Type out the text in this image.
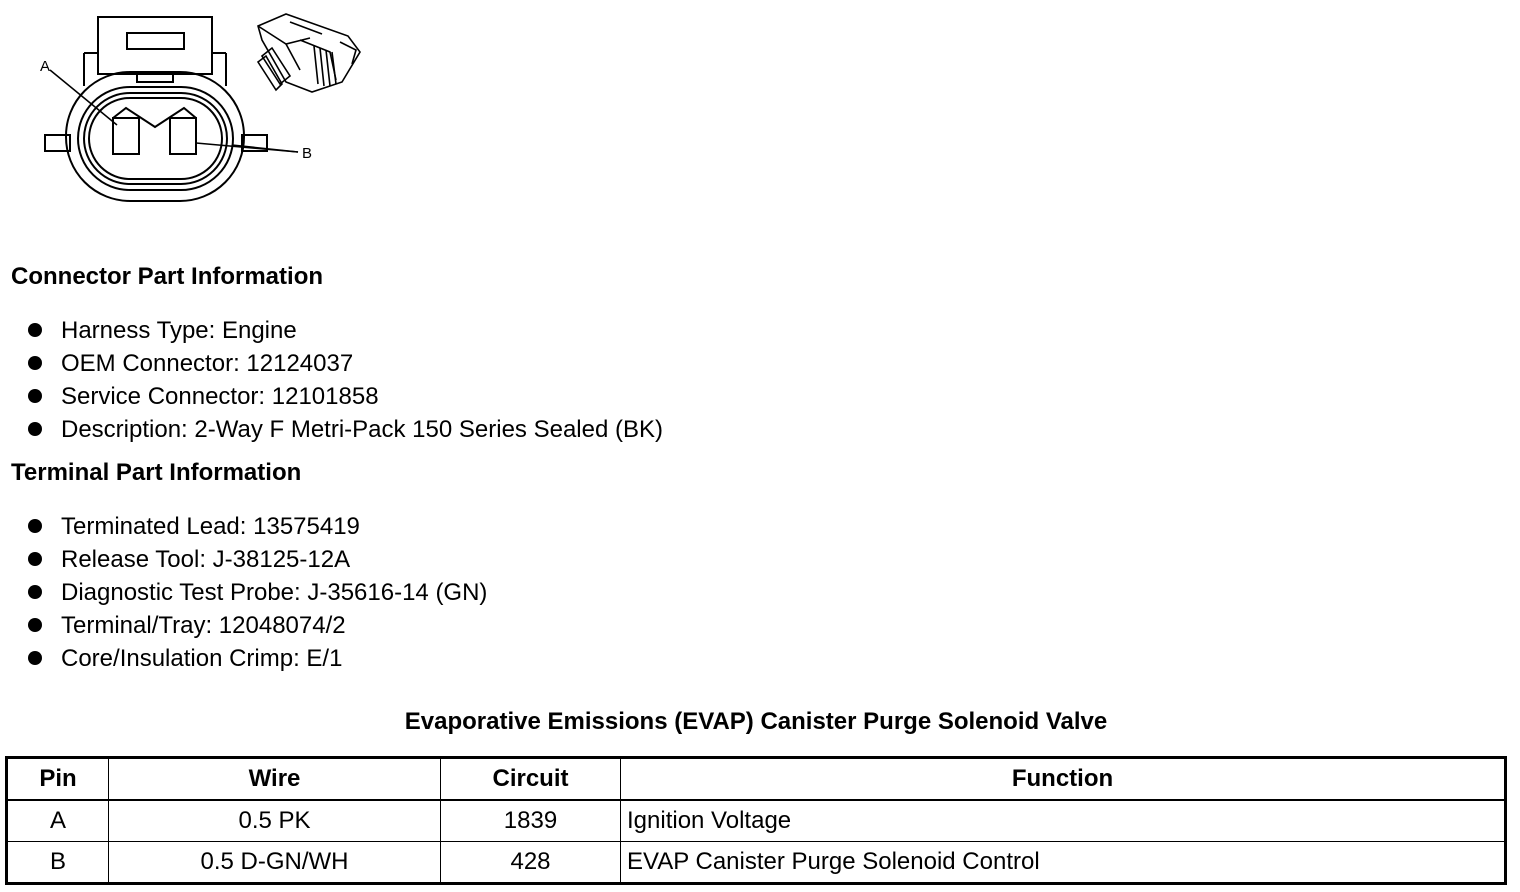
A
B
Connector Part Information
Harness Type: Engine
OEM Connector: 12124037
Service Connector: 12101858
Description: 2-Way F Metri-Pack 150 Series Sealed (BK)
Terminal Part Information
Terminated Lead: 13575419
Release Tool: J-38125-12A
Diagnostic Test Probe: J-35616-14 (GN)
Terminal/Tray: 12048074/2
Core/Insulation Crimp: E/1
Evaporative Emissions (EVAP) Canister Purge Solenoid Valve
Pin	Wire	Circuit	Function
A	0.5 PK	1839	Ignition Voltage
B	0.5 D-GN/WH	428	EVAP Canister Purge Solenoid Control
